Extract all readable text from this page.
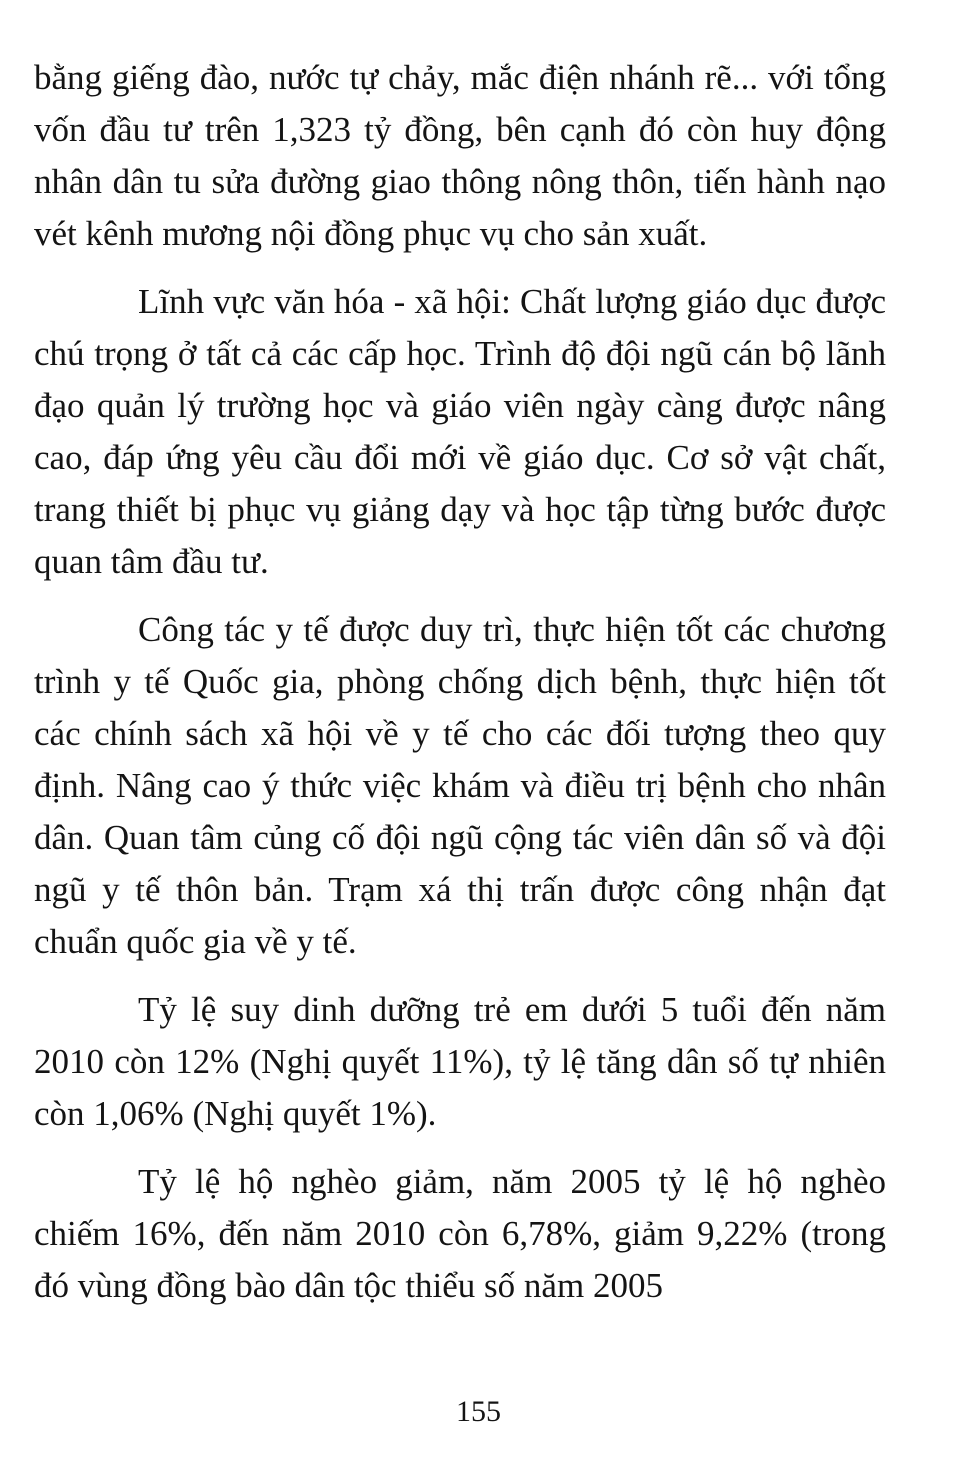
bằng giếng đào, nước tự chảy, mắc điện nhánh rẽ... với tổng vốn đầu tư trên 1,323 tỷ đồng, bên cạnh đó còn huy động nhân dân tu sửa đường giao thông nông thôn, tiến hành nạo vét kênh mương nội đồng phục vụ cho sản xuất.

Lĩnh vực văn hóa - xã hội: Chất lượng giáo dục được chú trọng ở tất cả các cấp học. Trình độ đội ngũ cán bộ lãnh đạo quản lý trường học và giáo viên ngày càng được nâng cao, đáp ứng yêu cầu đổi mới về giáo dục. Cơ sở vật chất, trang thiết bị phục vụ giảng dạy và học tập từng bước được quan tâm đầu tư.

Công tác y tế được duy trì, thực hiện tốt các chương trình y tế Quốc gia, phòng chống dịch bệnh, thực hiện tốt các chính sách xã hội về y tế cho các đối tượng theo quy định. Nâng cao ý thức việc khám và điều trị bệnh cho nhân dân. Quan tâm củng cố đội ngũ cộng tác viên dân số và đội ngũ y tế thôn bản. Trạm xá thị trấn được công nhận đạt chuẩn quốc gia về y tế.

Tỷ lệ suy dinh dưỡng trẻ em dưới 5 tuổi đến năm 2010 còn 12% (Nghị quyết 11%), tỷ lệ tăng dân số tự nhiên còn 1,06% (Nghị quyết 1%).

Tỷ lệ hộ nghèo giảm, năm 2005 tỷ lệ hộ nghèo chiếm 16%, đến năm 2010 còn 6,78%, giảm 9,22% (trong đó vùng đồng bào dân tộc thiểu số năm 2005

155
